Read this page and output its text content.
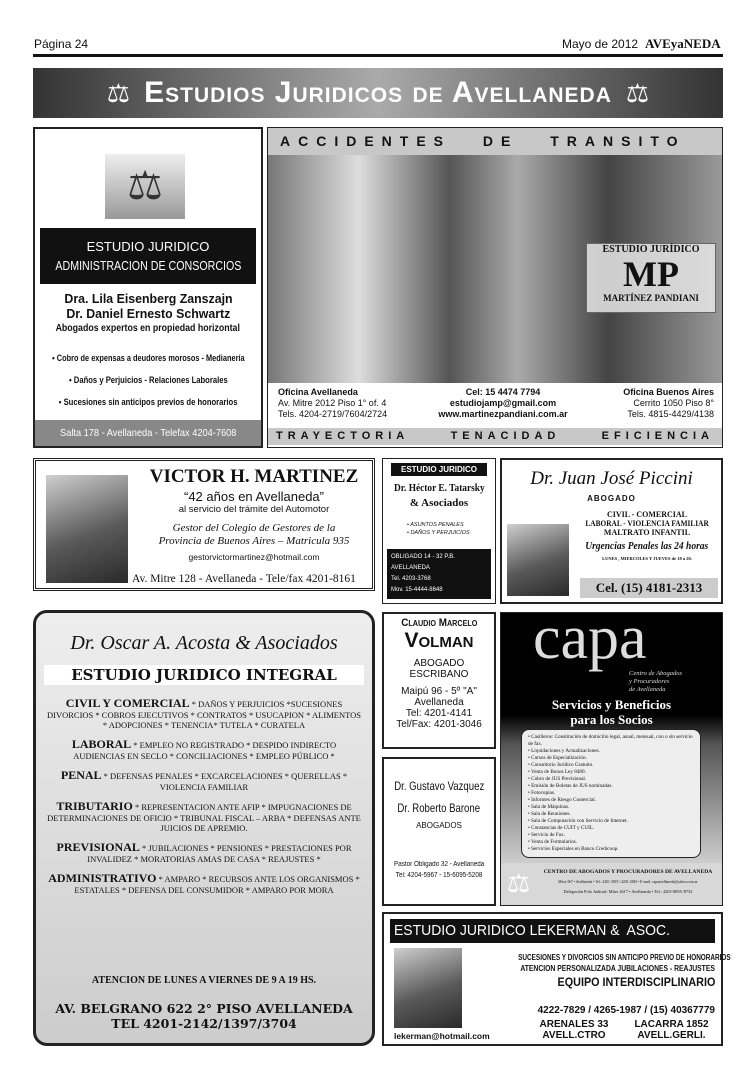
Página 24	Mayo de 2012 AVEyaNEDA
⚖ Estudios Juridicos de Avellaneda ⚖
⚖
ESTUDIO JURIDICO
ADMINISTRACION DE CONSORCIOS
Dra. Lila Eisenberg Zanszajn
Dr. Daniel Ernesto Schwartz
Abogados expertos en propiedad horizontal
• Cobro de expensas a deudores morosos - Medianería
• Daños y Perjuicios - Relaciones Laborales
• Sucesiones sin anticipos previos de honorarios
Salta 178 - Avellaneda - Telefax 4204-7608
ACCIDENTES DE TRANSITO
ESTUDIO JURÍDICO
MP
MARTÍNEZ PANDIANI
Oficina Avellaneda
Av. Mitre 2012 Piso 1° of. 4
Tels. 4204-2719/7604/2724
Cel: 15 4474 7794
estudiojamp@gmail.com
www.martinezpandiani.com.ar
Oficina Buenos Aires
Cerrito 1050 Piso 8°
Tels. 4815-4429/4138
TRAYECTORIA	TENACIDAD	EFICIENCIA
VICTOR H. MARTINEZ
“42 años en Avellaneda”
al servicio del trámite del Automotor
Gestor del Colegio de Gestores de la
Provincia de Buenos Aires – Matricula 935
gestorvictormartinez@hotmail.com
Av. Mitre 128 - Avellaneda - Tele/fax 4201-8161
ESTUDIO JURIDICO
Dr. Héctor E. Tatarsky
& Asociados
• ASUNTOS PENALES
• DAÑOS Y PERJUICIOS
OBLIGADO 14 - 32 P.B.
AVELLANEDA
Tel. 4203-3768
Mov. 15-4444-8648
Dr. Juan José Piccini
ABOGADO
CIVIL - COMERCIAL
LABORAL - VIOLENCIA FAMILIAR
MALTRATO INFANTIL
Urgencias Penales las 24 horas
LUNES , MIERCOLES Y JUEVES de 18 a 20.
Cel. (15) 4181-2313
Dr. Oscar A. Acosta & Asociados
ESTUDIO JURIDICO INTEGRAL
CIVIL Y COMERCIAL * DAÑOS Y PERJUICIOS *SUCESIONES DIVORCIOS * COBROS EJECUTIVOS * CONTRATOS * USUCAPION * ALIMENTOS * ADOPCIONES * TENENCIA* TUTELA * CURATELA
LABORAL * EMPLEO NO REGISTRADO * DESPIDO INDIRECTO AUDIENCIAS EN SECLO * CONCILIACIONES * EMPLEO PÚBLICO *
PENAL * DEFENSAS PENALES * EXCARCELACIONES * QUERELLAS * VIOLENCIA FAMILIAR
TRIBUTARIO * REPRESENTACION ANTE AFIP * IMPUGNACIONES DE DETERMINACIONES DE OFICIO * TRIBUNAL FISCAL – ARBA * DEFENSAS ANTE JUICIOS DE APREMIO.
PREVISIONAL * JUBILACIONES * PENSIONES * PRESTACIONES POR INVALIDEZ * MORATORIAS AMAS DE CASA * REAJUSTES *
ADMINISTRATIVO * AMPARO * RECURSOS ANTE LOS ORGANISMOS * ESTATALES * DEFENSA DEL CONSUMIDOR * AMPARO POR MORA
ATENCION DE LUNES A VIERNES DE 9 A 19 HS.
AV. BELGRANO 622 2° PISO AVELLANEDA
TEL 4201-2142/1397/3704
Claudio Marcelo
Volman
ABOGADO
ESCRIBANO
Maipú 96 - 5º "A"
Avellaneda
Tel: 4201-4141
Tel/Fax: 4201-3046
Dr. Gustavo Vazquez
Dr. Roberto Barone
ABOGADOS
Pastor Obligado 32 - Avellaneda
Tel: 4204-5967 - 15-6095-5208
capa
Centro de Abogados
y Procuradores
de Avellaneda
Servicios y Beneficios
para los Socios
• Casilleros: Constitución de domicilio legal, anual, mensual, con o sin servicio de fax.
• Liquidaciones y Actualizaciones.
• Cursos de Especialización.
• Consultorio Jurídico Gratuito.
• Venta de Bonos Ley 8480.
• Cobro de JUS Previsional.
• Emisión de Boletas de JUS nominadas.
• Fotocopias.
• Informes de Riesgo Comercial.
• Sala de Máquinas.
• Sala de Reuniones.
• Sala de Computación con Servicio de Internet.
• Constancias de CUIT y CUIL.
• Servicio de Fax.
• Venta de Formularios.
• Servicios Especiales en Banco Credicoop.
⚖ CENTRO DE ABOGADOS Y PROCURADORES DE AVELLANEDA
Mitre 567 • Avellaneda • Tel.: 4201-3819 / 4201-2380 • E-mail: capaavellaneda@yahoo.com.ar
Delegación Polo Judicial: Mitre 2617 • Avellaneda • Tel.: 4205-8858 /8752
ESTUDIO JURIDICO LEKERMAN &  ASOC.
SUCESIONES Y DIVORCIOS SIN ANTICIPO PREVIO DE HONORARIOS
ATENCION PERSONALIZADA JUBILACIONES - REAJUSTES
EQUIPO INTERDISCIPLINARIO
4222-7829 / 4265-1987 / (15) 40367779
ARENALES 33
AVELL.CTRO
LACARRA 1852
AVELL.GERLI.
lekerman@hotmail.com
